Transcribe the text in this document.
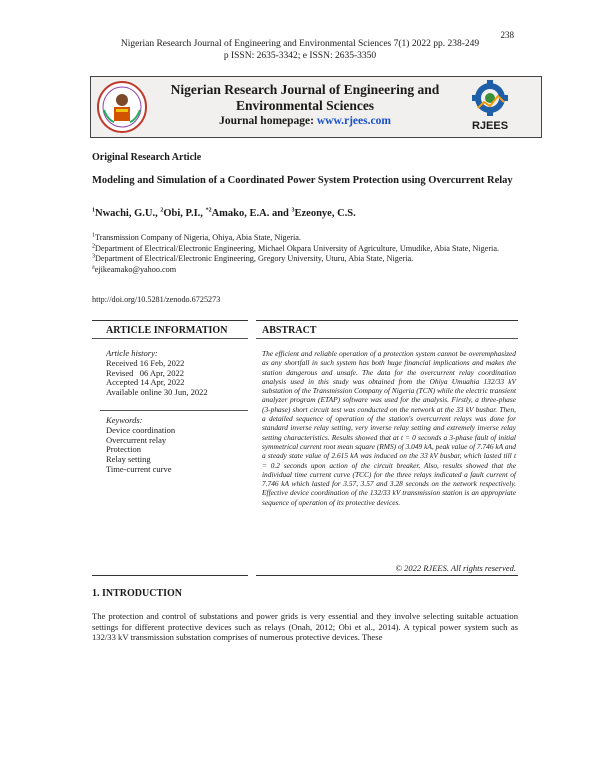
238
Nigerian Research Journal of Engineering and Environmental Sciences 7(1) 2022 pp. 238-249
p ISSN: 2635-3342; e ISSN: 2635-3350
Nigerian Research Journal of Engineering and
Environmental Sciences
Journal homepage: www.rjees.com	RJEES
Original Research Article
Modeling and Simulation of a Coordinated Power System Protection using Overcurrent Relay
$^1$Nwachi, G.U., $^2$Obi, P.I., $^{*2}$Amako, E.A. and $^3$Ezeonye, C.S.
$^1$Transmission Company of Nigeria, Ohiya, Abia State, Nigeria.
$^2$Department of Electrical/Electronic Engineering, Michael Okpara University of Agriculture, Umudike, Abia State, Nigeria.
$^3$Department of Electrical/Electronic Engineering, Gregory University, Uturu, Abia State, Nigeria.
$^a$ejikeamako@yahoo.com
http://doi.org/10.5281/zenodo.6725273
ARTICLE INFORMATION	ABSTRACT
Article history:
Received 16 Feb, 2022
Revised   06 Apr, 2022
Accepted 14 Apr, 2022
Available online 30 Jun, 2022
Keywords:
Device coordination
Overcurrent relay
Protection
Relay setting
Time-current curve
The efficient and reliable operation of a protection system cannot be overemphasized as any shortfall in such system has both huge financial implications and makes the station dangerous and unsafe. The data for the overcurrent relay coordination analysis used in this study was obtained from the Ohiya Umuahia 132/33 kV substation of the Transmission Company of Nigeria (TCN) while the electric transient analyzer program (ETAP) software was used for the analysis. Firstly, a three-phase (3-phase) short circuit test was conducted on the network at the 33 kV busbar. Then, a detailed sequence of operation of the station's overcurrent relays was done for standard inverse relay setting, very inverse relay setting and extremely inverse relay setting characteristics. Results showed that at t = 0 seconds a 3-phase fault of initial symmetrical current root mean square (RMS) of 3.049 kA, peak value of 7.746 kA and a steady state value of 2.615 kA was induced on the 33 kV busbar, which lasted till t = 0.2 seconds upon action of the circuit breaker. Also, results showed that the individual time current curve (TCC) for the three relays indicated a fault current of 7.746 kA which lasted for 3.57, 3.57 and 3.28 seconds on the network respectively. Effective device coordination of the 132/33 kV transmission station is an appropriate sequence of operation of its protective devices.
© 2022 RJEES. All rights reserved.
1. INTRODUCTION
The protection and control of substations and power grids is very essential and they involve selecting suitable actuation settings for different protective devices such as relays (Onah, 2012; Obi et al., 2014). A typical power system such as 132/33 kV transmission substation comprises of numerous protective devices. These
